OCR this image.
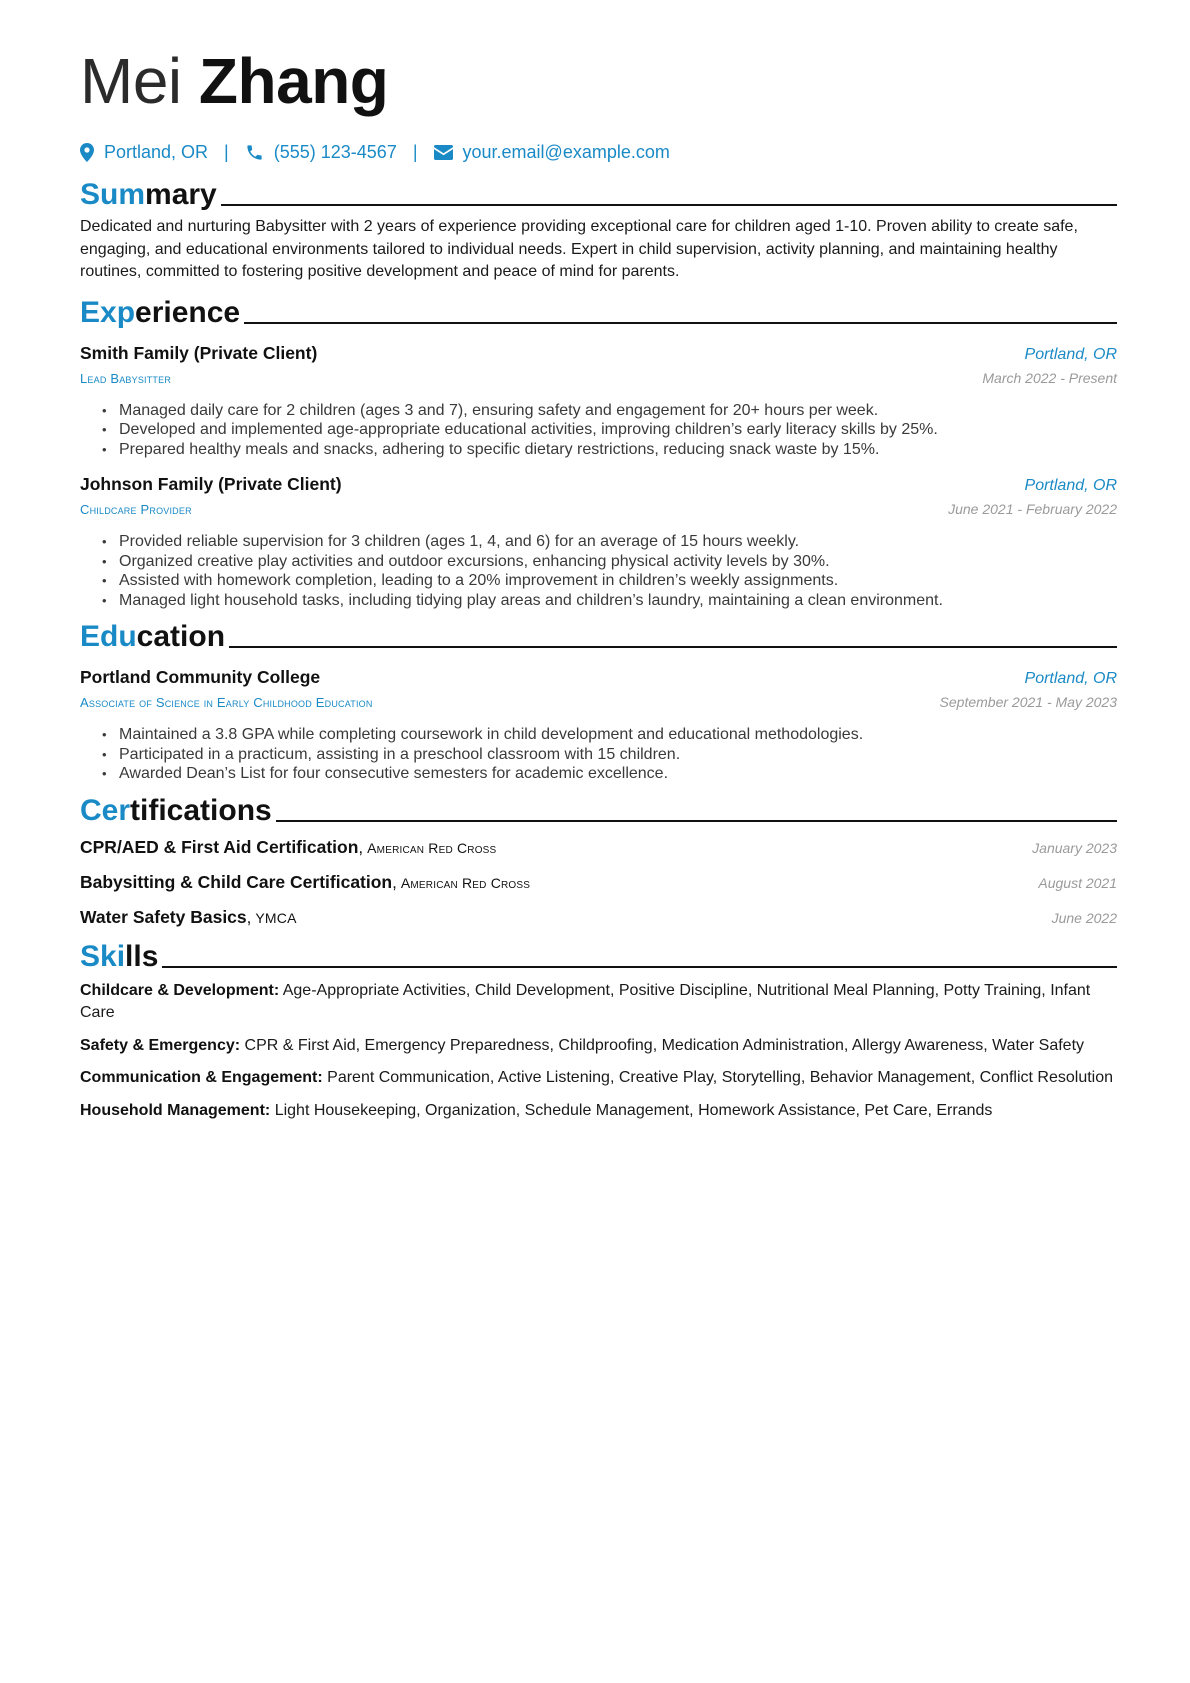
Mei Zhang
Portland, OR |	(555) 123-4567 |	your.email@example.com
Sum mary

Dedicated and nurturing Babysitter with 2 years of experience providing exceptional care for children aged 1-10. Proven ability to create safe, engaging, and educational environments tailored to individual needs. Expert in child supervision, activity planning, and maintaining healthy routines, committed to fostering positive development and peace of mind for parents.

Exp erience
Smith Family (Private Client)	Portland, OR
Lead Babysitter	March 2022 - Present
• Managed daily care for 2 children (ages 3 and 7), ensuring safety and engagement for 20+ hours per week.
• Developed and implemented age-appropriate educational activities, improving children’s early literacy skills by 25%.
• Prepared healthy meals and snacks, adhering to specific dietary restrictions, reducing snack waste by 15%.
Johnson Family (Private Client)	Portland, OR
Childcare Provider	June 2021 - February 2022
• Provided reliable supervision for 3 children (ages 1, 4, and 6) for an average of 15 hours weekly.
• Organized creative play activities and outdoor excursions, enhancing physical activity levels by 30%.
• Assisted with homework completion, leading to a 20% improvement in children’s weekly assignments.
• Managed light household tasks, including tidying play areas and children’s laundry, maintaining a clean environment.
Edu cation
Portland Community College	Portland, OR
Associate of Science in Early Childhood Education	September 2021 - May 2023
• Maintained a 3.8 GPA while completing coursework in child development and educational methodologies.
• Participated in a practicum, assisting in a preschool classroom with 15 children.
• Awarded Dean’s List for four consecutive semesters for academic excellence.
Cer tifications
CPR/AED & First Aid Certification, American Red Cross	January 2023
Babysitting & Child Care Certification, American Red Cross	August 2021
Water Safety Basics, YMCA	June 2022
Ski lls
Childcare & Development: Age-Appropriate Activities, Child Development, Positive Discipline, Nutritional Meal Planning, Potty Training, Infant Care
Safety & Emergency: CPR & First Aid, Emergency Preparedness, Childproofing, Medication Administration, Allergy Awareness, Water Safety
Communication & Engagement: Parent Communication, Active Listening, Creative Play, Storytelling, Behavior Management, Conflict Resolution
Household Management: Light Housekeeping, Organization, Schedule Management, Homework Assistance, Pet Care, Errands
